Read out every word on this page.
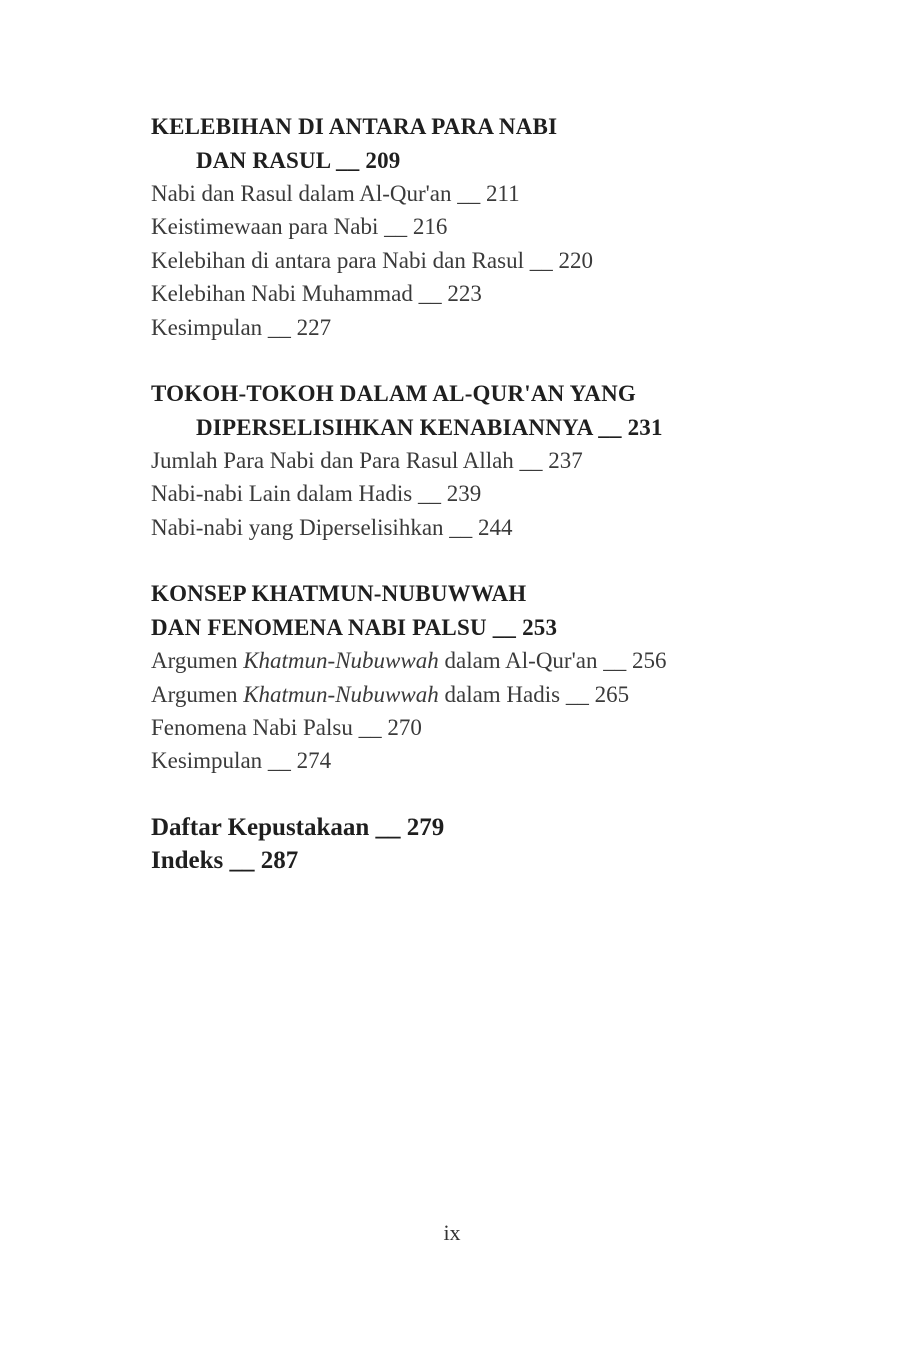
KELEBIHAN DI ANTARA PARA NABI
DAN RASUL __ 209
Nabi dan Rasul dalam Al-Qur'an __ 211
Keistimewaan para Nabi __ 216
Kelebihan di antara para Nabi dan Rasul __ 220
Kelebihan Nabi Muhammad __ 223
Kesimpulan __ 227
TOKOH-TOKOH DALAM AL-QUR'AN YANG
DIPERSELISIHKAN KENABIANNYA __ 231
Jumlah Para Nabi dan Para Rasul Allah __ 237
Nabi-nabi Lain dalam Hadis __ 239
Nabi-nabi yang Diperselisihkan __ 244
KONSEP KHATMUN-NUBUWWAH
DAN FENOMENA NABI PALSU __ 253
Argumen Khatmun-Nubuwwah dalam Al-Qur'an __ 256
Argumen Khatmun-Nubuwwah dalam Hadis __ 265
Fenomena Nabi Palsu __ 270
Kesimpulan __ 274
Daftar Kepustakaan __ 279
Indeks __ 287
ix
